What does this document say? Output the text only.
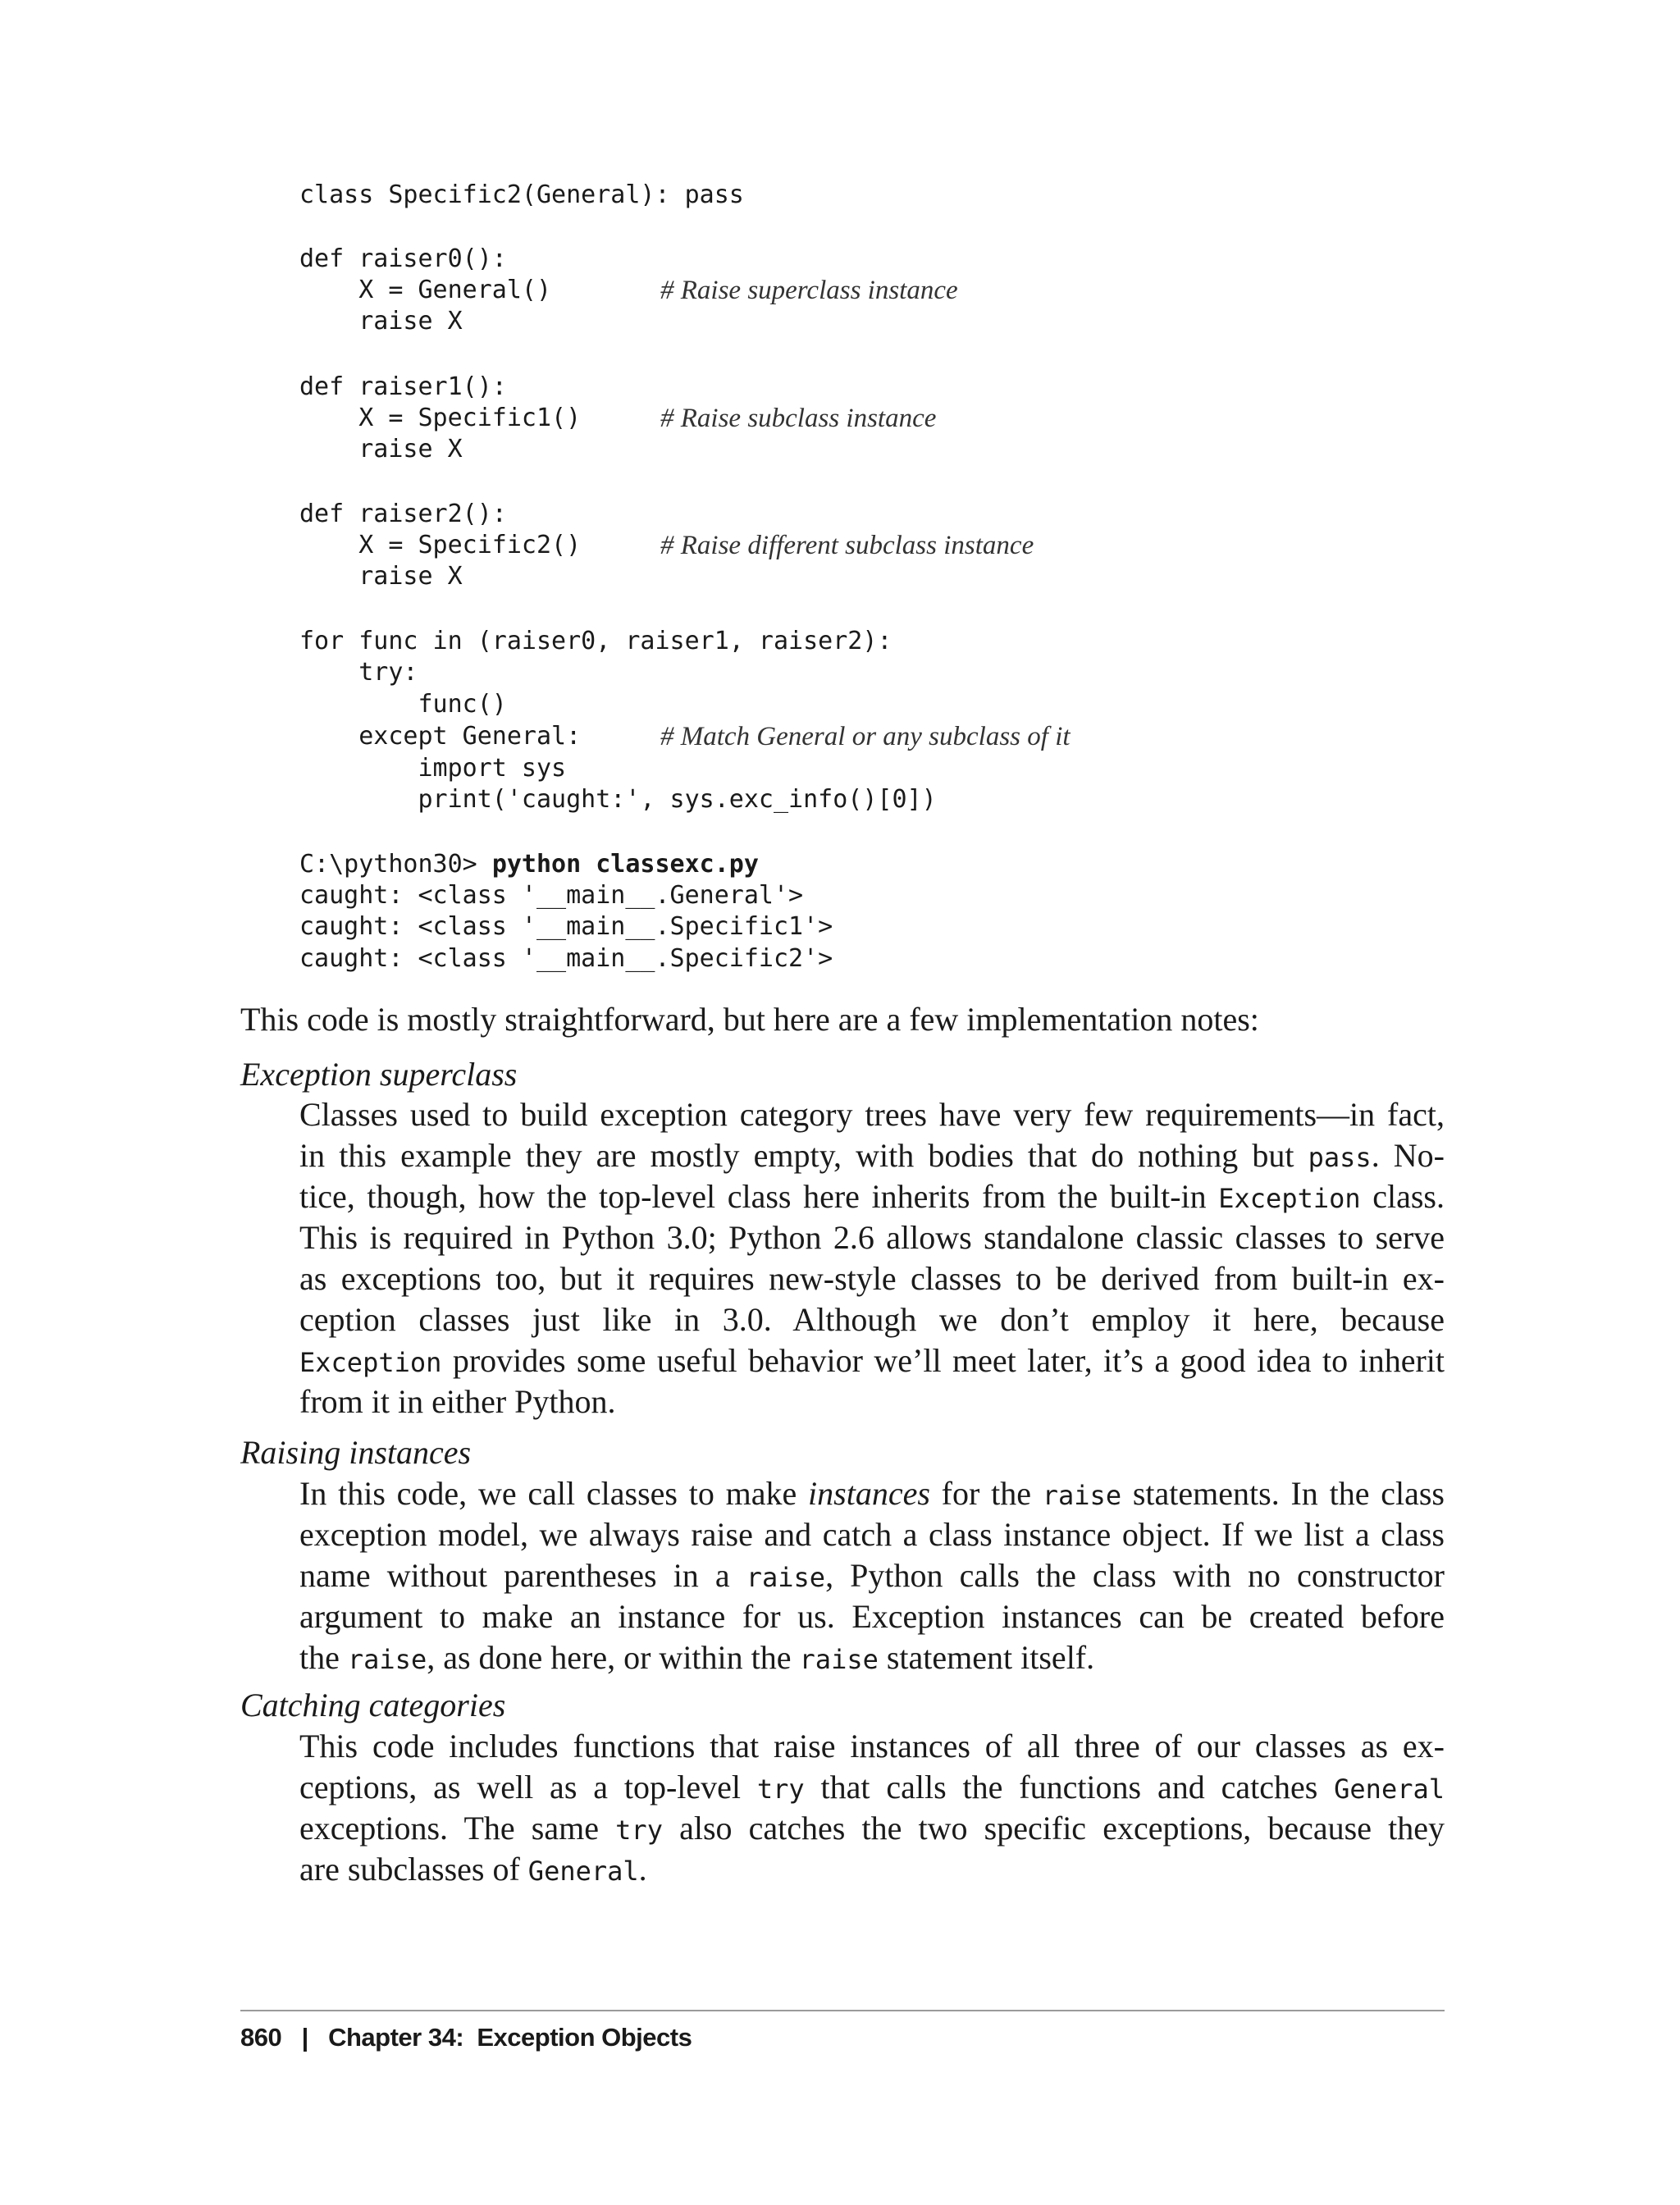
class Specific2(General): pass
def raiser0():
X = General()	# Raise superclass instance
raise X
def raiser1():
X = Specific1()	# Raise subclass instance
raise X
def raiser2():
X = Specific2()	# Raise different subclass instance
raise X
for func in (raiser0, raiser1, raiser2):
try:
func()
except General:	# Match General or any subclass of it
import sys
print('caught:', sys.exc_info()[0])
C:\python30> python classexc.py
caught: <class '__main__.General'>
caught: <class '__main__.Specific1'>
caught: <class '__main__.Specific2'>
This code is mostly straightforward, but here are a few implementation notes:
Exception superclass
Classes used to build exception category trees have very few requirements—in fact,
in this example they are mostly empty, with bodies that do nothing but pass. No-
tice, though, how the top-level class here inherits from the built-in Exception class.
This is required in Python 3.0; Python 2.6 allows standalone classic classes to serve
as exceptions too, but it requires new-style classes to be derived from built-in ex-
ception classes just like in 3.0. Although we don’t employ it here, because
Exception provides some useful behavior we’ll meet later, it’s a good idea to inherit
from it in either Python.
Raising instances
In this code, we call classes to make instances for the raise statements. In the class
exception model, we always raise and catch a class instance object. If we list a class
name without parentheses in a raise, Python calls the class with no constructor
argument to make an instance for us. Exception instances can be created before
the raise, as done here, or within the raise statement itself.
Catching categories
This code includes functions that raise instances of all three of our classes as ex-
ceptions, as well as a top-level try that calls the functions and catches General
exceptions. The same try also catches the two specific exceptions, because they
are subclasses of General.
860 | Chapter 34:  Exception Objects
